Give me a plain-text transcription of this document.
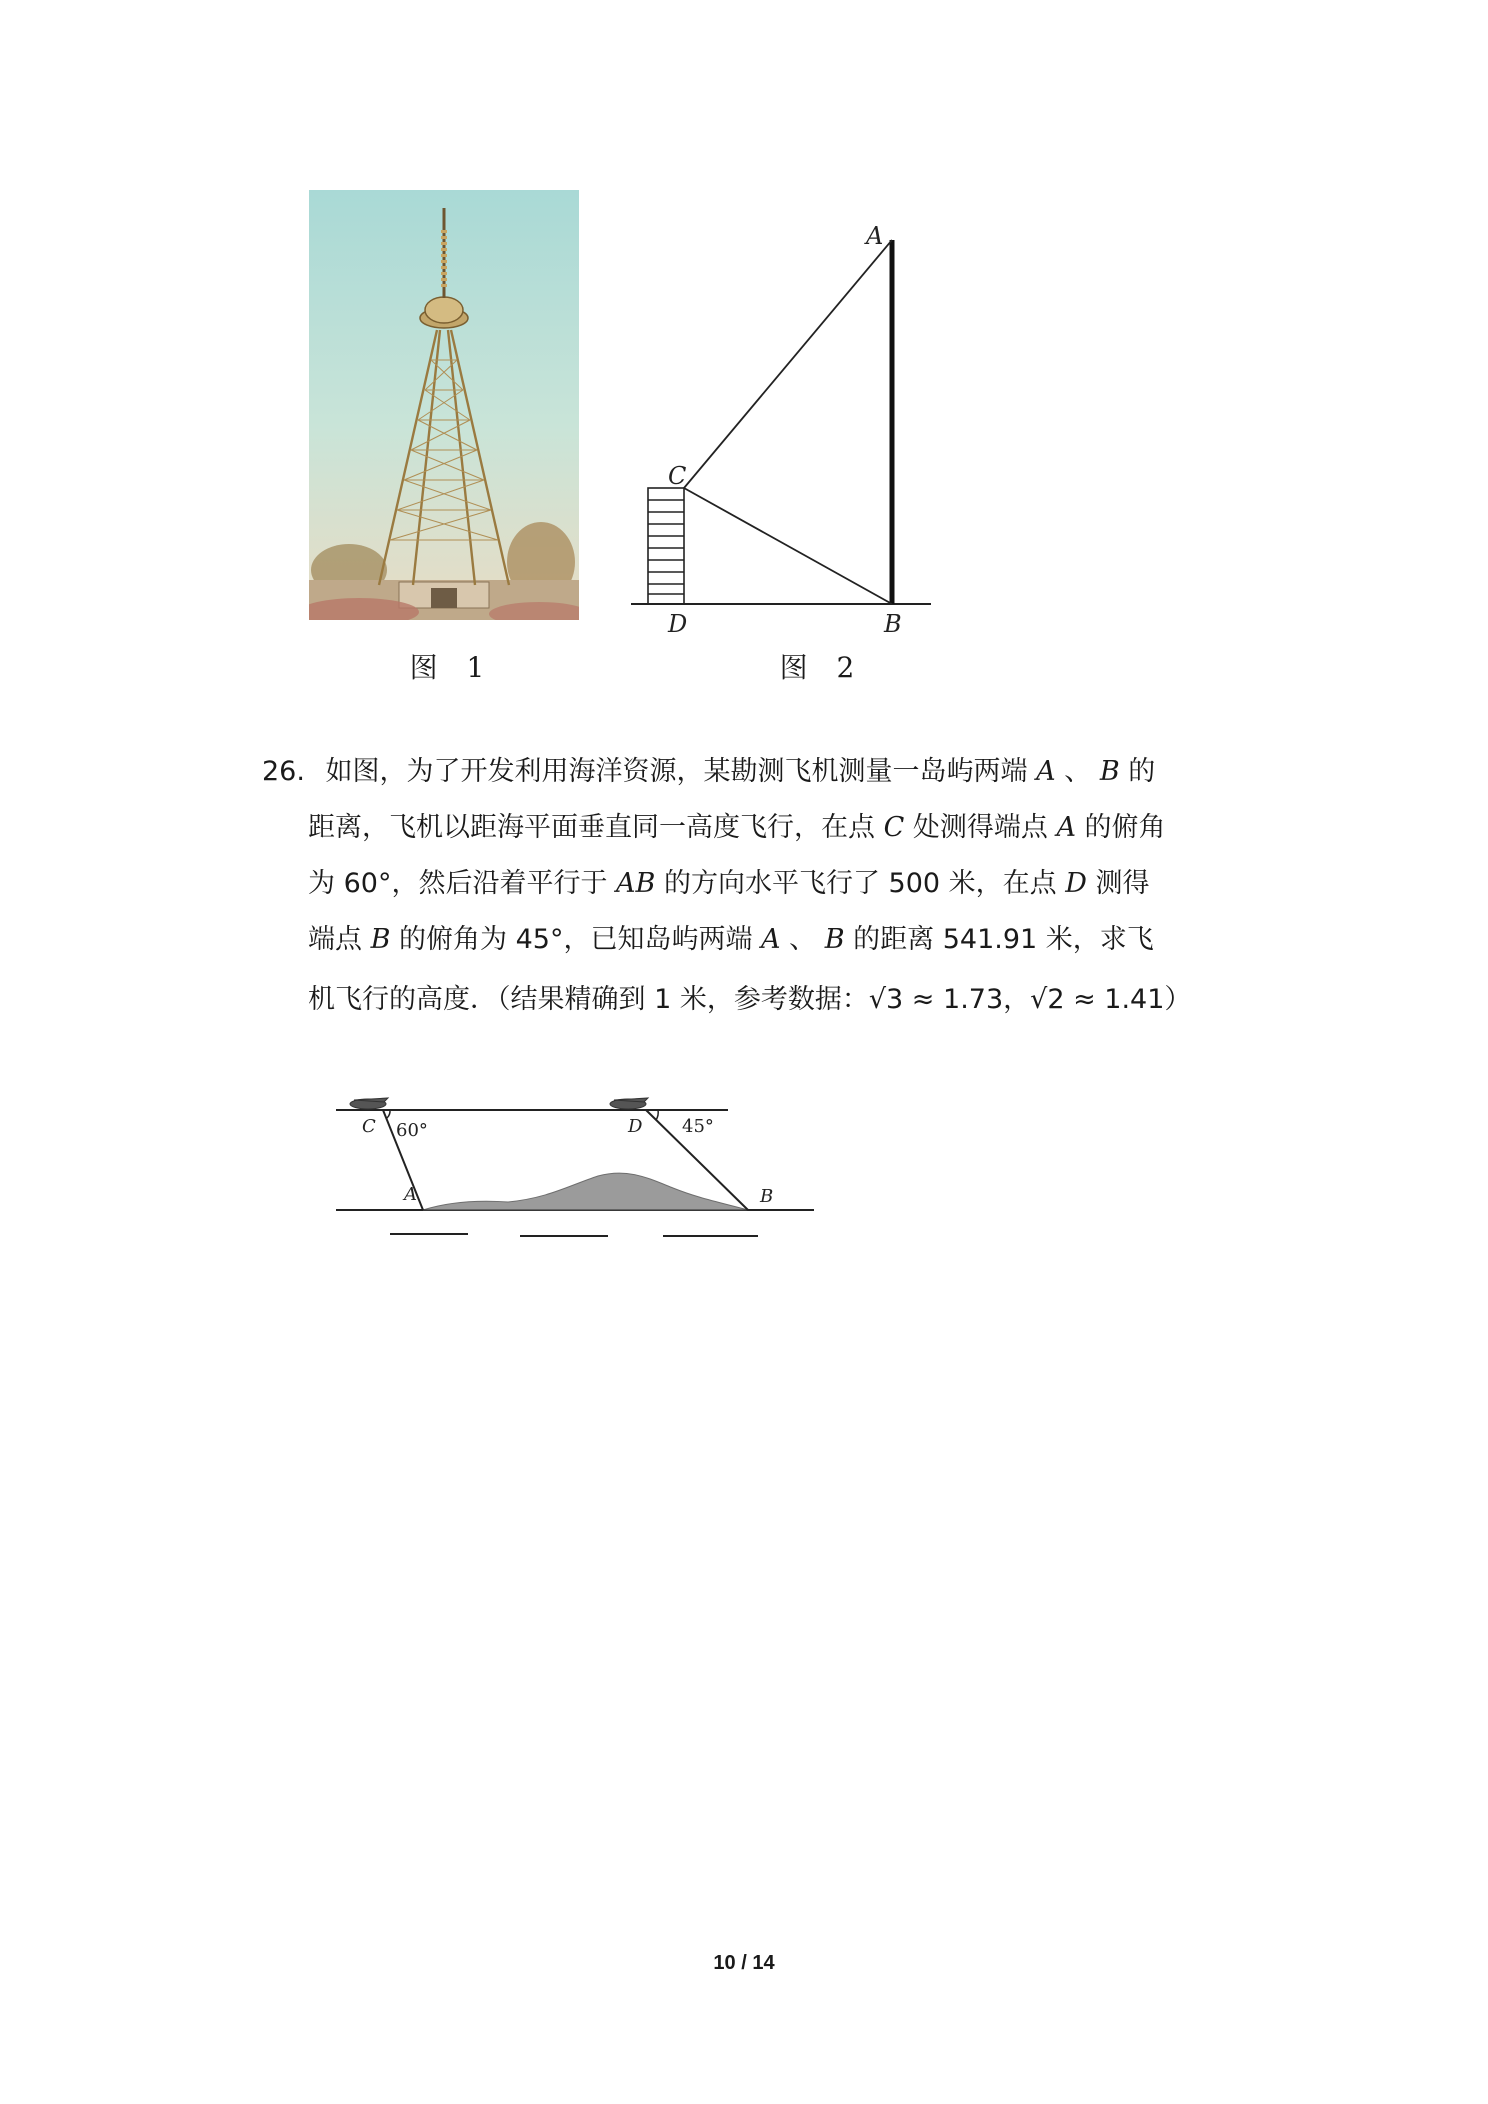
图 1
A
C
D	B
图 2
26. 如图，为了开发利用海洋资源，某勘测飞机测量一岛屿两端 A 、 B 的
距离，飞机以距海平面垂直同一高度飞行，在点 C 处测得端点 A 的俯角
为 60°，然后沿着平行于 AB 的方向水平飞行了 500 米，在点 D 测得
端点 B 的俯角为 45°，已知岛屿两端 A 、 B 的距离 541.91 米，求飞
机飞行的高度．（结果精确到 1 米，参考数据：√3 ≈ 1.73，√2 ≈ 1.41）
C 60°	D 45°
A	B
10 / 14
